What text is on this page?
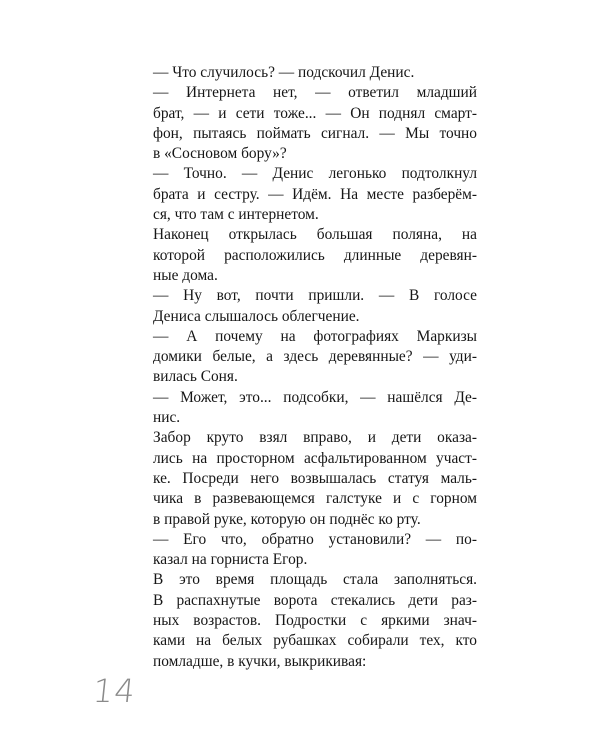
— Что случилось? — подскочил Денис.

— Интернета нет, — ответил младший
брат, — и сети тоже... — Он поднял смарт-
фон, пытаясь поймать сигнал. — Мы точно
в «Сосновом бору»?

— Точно. — Денис легонько подтолкнул
брата и сестру. — Идём. На месте разберём-
ся, что там с интернетом.

Наконец открылась большая поляна, на
которой расположились длинные деревян-
ные дома.

— Ну вот, почти пришли. — В голосе
Дениса слышалось облегчение.

— А почему на фотографиях Маркизы
домики белые, а здесь деревянные? — уди-
вилась Соня.

— Может, это... подсобки, — нашёлся Де-
нис.

Забор круто взял вправо, и дети оказа-
лись на просторном асфальтированном участ-
ке. Посреди него возвышалась статуя маль-
чика в развевающемся галстуке и с горном
в правой руке, которую он поднёс ко рту.

— Его что, обратно установили? — по-
казал на горниста Егор.

В это время площадь стала заполняться.
В распахнутые ворота стекались дети раз-
ных возрастов. Подростки с яркими знач-
ками на белых рубашках собирали тех, кто
помладше, в кучки, выкрикивая:

14
